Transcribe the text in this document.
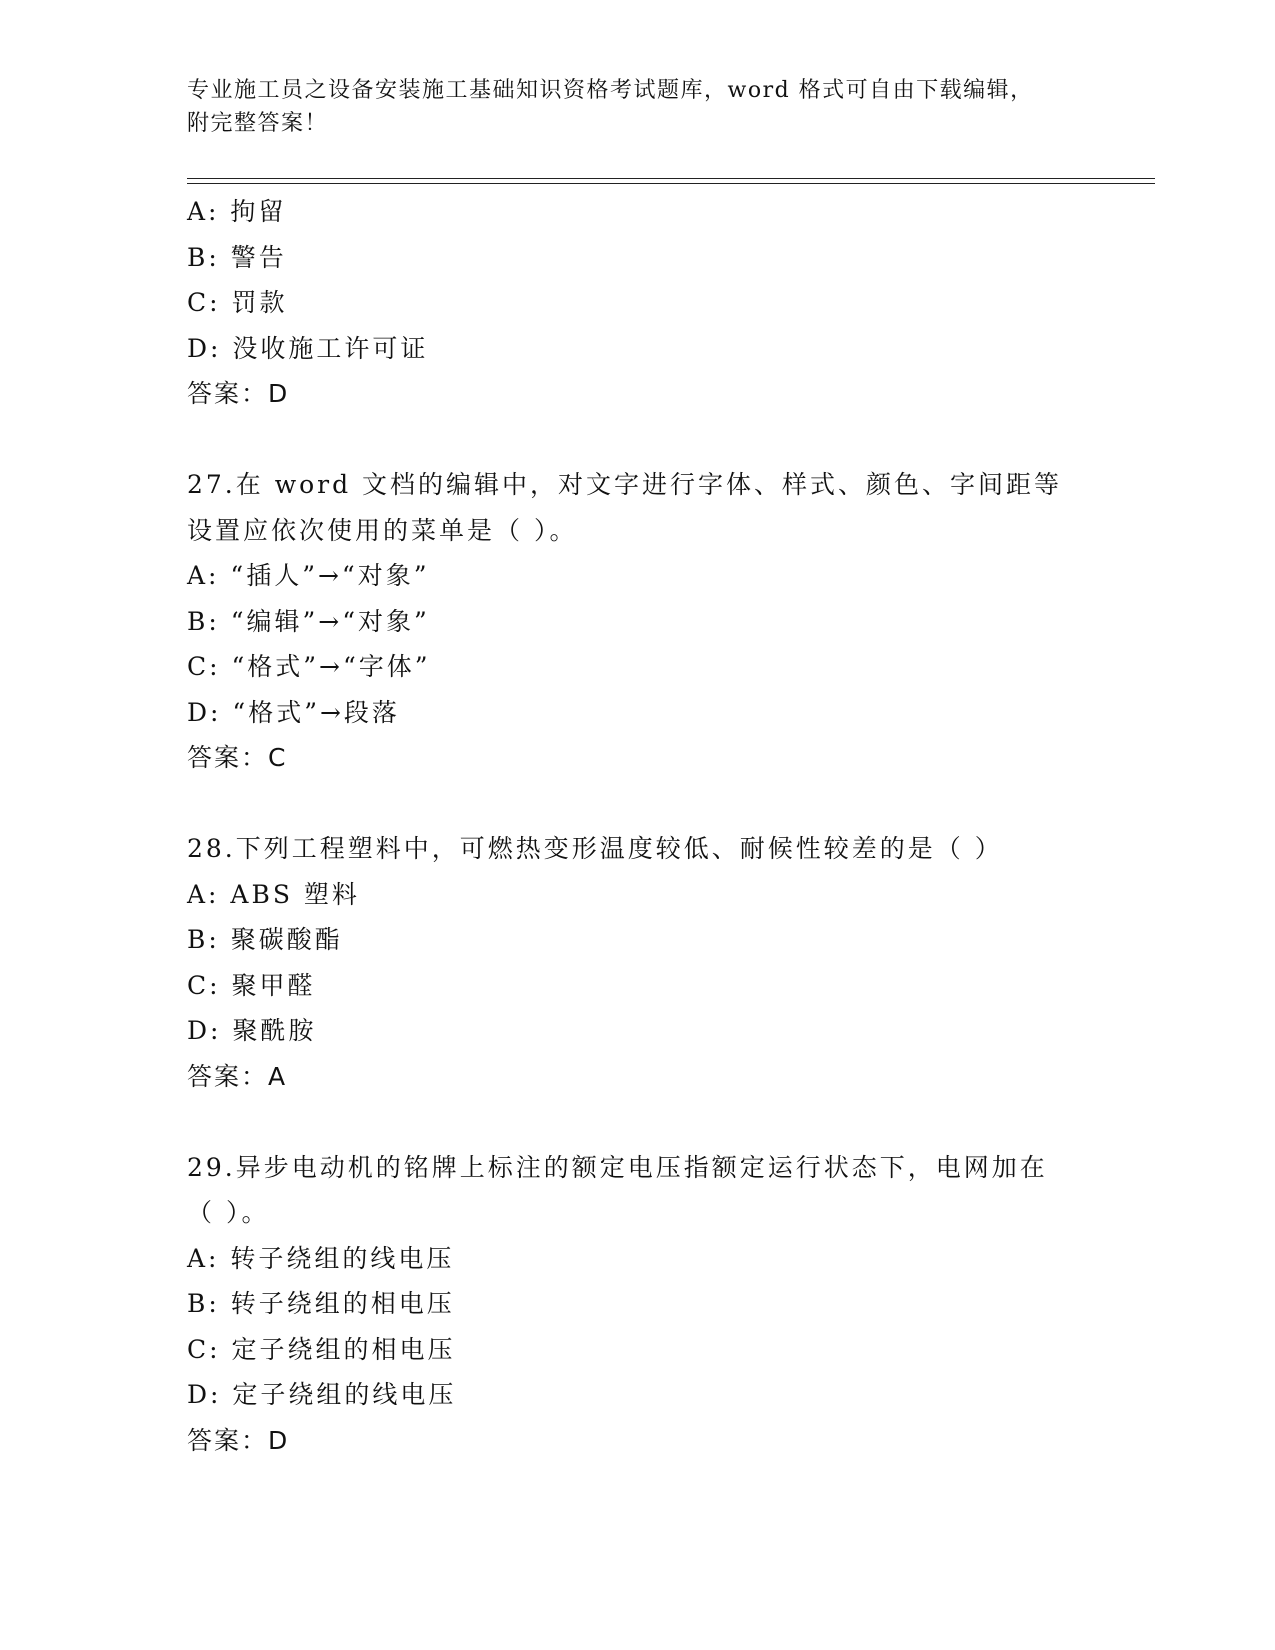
专业施工员之设备安装施工基础知识资格考试题库，word 格式可自由下载编辑，
附完整答案！
A: 拘留
B: 警告
C: 罚款
D: 没收施工许可证
答案：D
27.在 word 文档的编辑中，对文字进行字体、样式、颜色、字间距等
设置应依次使用的菜单是（ ）。
A: “插人”→“对象”
B: “编辑”→“对象”
C: “格式”→“字体”
D: “格式”→段落
答案：C
28.下列工程塑料中，可燃热变形温度较低、耐候性较差的是（ ）
A: ABS 塑料
B: 聚碳酸酯
C: 聚甲醛
D: 聚酰胺
答案：A
29.异步电动机的铭牌上标注的额定电压指额定运行状态下，电网加在
（ ）。
A: 转子绕组的线电压
B: 转子绕组的相电压
C: 定子绕组的相电压
D: 定子绕组的线电压
答案：D
